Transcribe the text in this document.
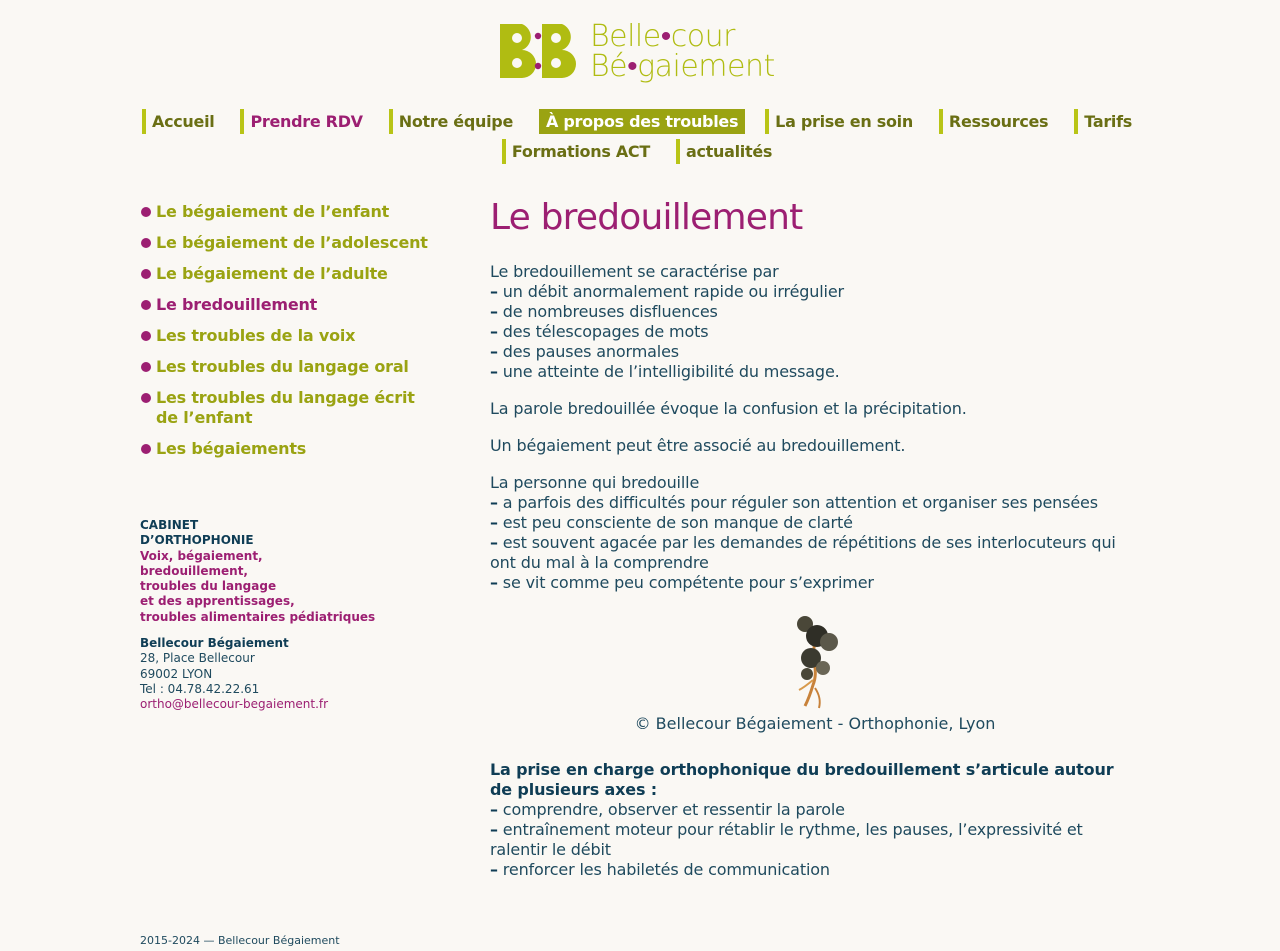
Belle•cour
Bé•gaiement
Accueil	Prendre RDV	Notre équipe	À propos des troubles	La prise en soin	Ressources	Tarifs
Formations ACT	actualités
Le bégaiement de l’enfant
Le bégaiement de l’adolescent
Le bégaiement de l’adulte
Le bredouillement
Les troubles de la voix
Les troubles du langage oral
Les troubles du langage écrit de l’enfant
Les bégaiements
CABINET
D’ORTHOPHONIE
Voix, bégaiement,
bredouillement,
troubles du langage
et des apprentissages,
troubles alimentaires pédiatriques
Bellecour Bégaiement
28, Place Bellecour
69002 LYON
Tel : 04.78.42.22.61
ortho@bellecour-begaiement.fr
Le bredouillement

Le bredouillement se caractérise par

– un débit anormalement rapide ou irrégulier

– de nombreuses disfluences

– des télescopages de mots

– des pauses anormales

– une atteinte de l’intelligibilité du message.

La parole bredouillée évoque la confusion et la précipitation.
Un bégaiement peut être associé au bredouillement.

La personne qui bredouille

– a parfois des difficultés pour réguler son attention et organiser ses pensées

– est peu consciente de son manque de clarté

– est souvent agacée par les demandes de répétitions de ses interlocuteurs qui ont du mal à la comprendre

– se vit comme peu compétente pour s’exprimer

© Bellecour Bégaiement - Orthophonie, Lyon

La prise en charge orthophonique du bredouillement s’articule autour de plusieurs axes :

– comprendre, observer et ressentir la parole

– entraînement moteur pour rétablir le rythme, les pauses, l’expressivité et ralentir le débit

– renforcer les habiletés de communication

2015-2024 — Bellecour Bégaiement
